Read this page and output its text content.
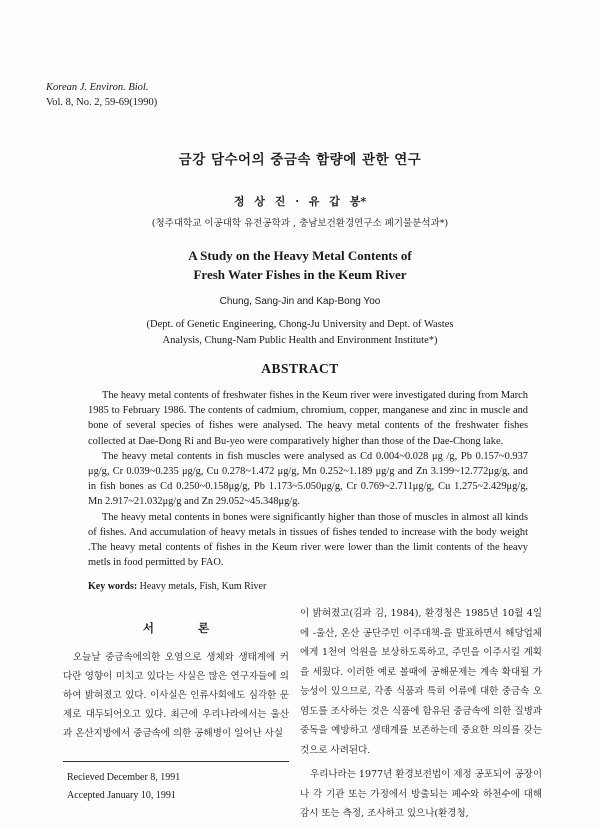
Korean J. Environ. Biol.
Vol. 8, No. 2, 59-69(1990)
금강 담수어의 중금속 함량에 관한 연구
정 상 진 · 유 갑 봉*
(청주대학교 이공대학 유전공학과 , 충남보건환경연구소 폐기물분석과*)
A Study on the Heavy Metal Contents of
Fresh Water Fishes in the Keum River
Chung, Sang-Jin and Kap-Bong Yoo
(Dept. of Genetic Engineering, Chong-Ju University and Dept. of Wastes
Analysis, Chung-Nam Public Health and Environment Institute*)
ABSTRACT

The heavy metal contents of freshwater fishes in the Keum river were investigated during from March 1985 to February 1986. The contents of cadmium, chromium, copper, manganese and zinc in muscle and bone of several species of fishes were analysed. The heavy metal contents of the freshwater fishes collected at Dae-Dong Ri and Bu-yeo were comparatively higher than those of the Dae-Chong lake.

The heavy metal contents in fish muscles were analysed as Cd 0.004~0.028 μg /g, Pb 0.157~0.937 μg/g, Cr 0.039~0.235 μg/g, Cu 0.278~1.472 μg/g, Mn 0.252~1.189 μg/g and Zn 3.199~12.772μg/g, and in fish bones as Cd 0.250~0.158μg/g, Pb 1.173~5.050μg/g, Cr 0.769~2.711μg/g, Cu 1.275~2.429μg/g, Mn 2.917~21.032μg/g and Zn 29.052~45.348μg/g.

The heavy metal contents in bones were significantly higher than those of muscles in almost all kinds of fishes. And accumulation of heavy metals in tissues of fishes tended to increase with the body weight .The heavy metal contents of fishes in the Keum river were lower than the limit contents of the heavy metls in food permitted by FAO.

Key words: Heavy metals, Fish, Kum River
서 론

오늘날 중금속에의한 오염으로 생체와 생태계에 커다란 영향이 미치고 있다는 사실은 많은 연구자들에 의하여 밝혀졌고 있다. 이사실은 인류사회에도 심각한 문제로 대두되어오고 있다. 최근에 우리나라에서는 울산과 온산지방에서 중금속에 의한 공해병이 일어난 사실

Recieved December 8, 1991
Accepted January 10, 1991

이 밝혀졌고(김과 김, 1984), 환경청은 1985년 10월 4일에 -울산, 온산 공단주민 이주대책-을 발표하면서 해당업체에게 1천여 억원을 보상하도록하고, 주민을 이주시킬 계획을 세웠다. 이러한 예로 볼때에 공해문제는 계속 확대될 가능성이 있으므로, 각종 식품과 특히 어류에 대한 중금속 오염도를 조사하는 것은 식품에 함유된 중금속에 의한 질병과 중독을 예방하고 생태계를 보존하는데 중요한 의의를 갖는 것으로 사려된다.

우리나라는 1977년 환경보전법이 제정 공포되어 공장이나 각 기관 또는 가정에서 방출되는 폐수와 하천수에 대해 감시 또는 측정, 조사하고 있으나(환경청,
